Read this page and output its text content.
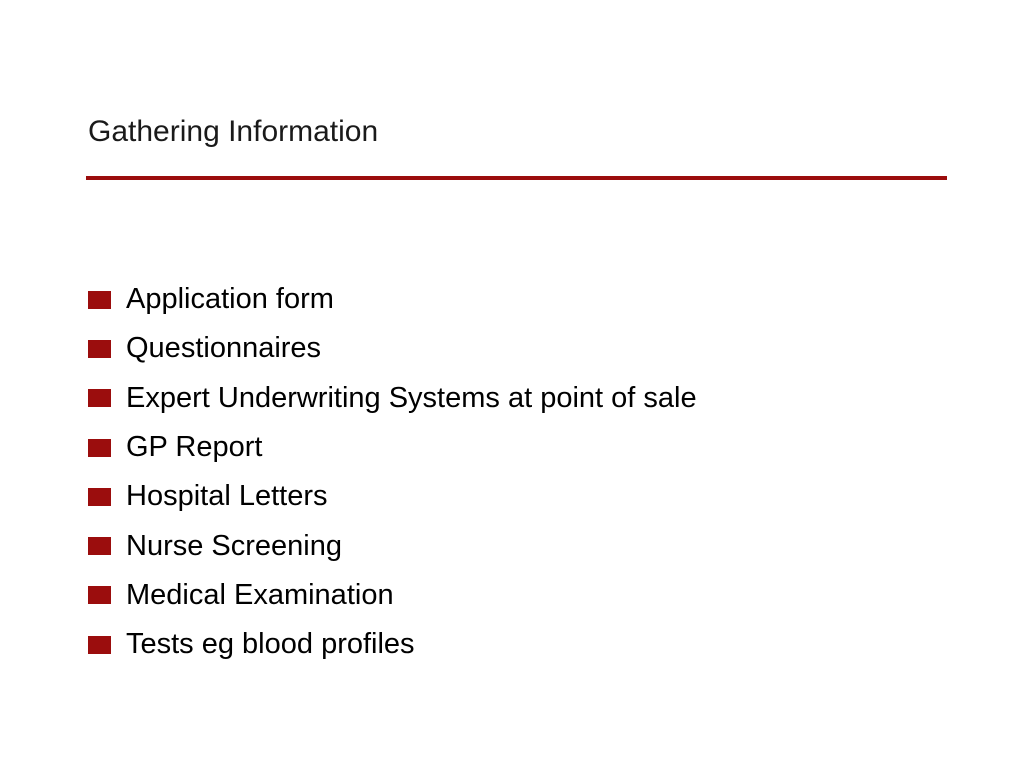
Gathering Information
Application form
Questionnaires
Expert Underwriting Systems at point of sale
GP Report
Hospital Letters
Nurse Screening
Medical Examination
Tests eg blood profiles
